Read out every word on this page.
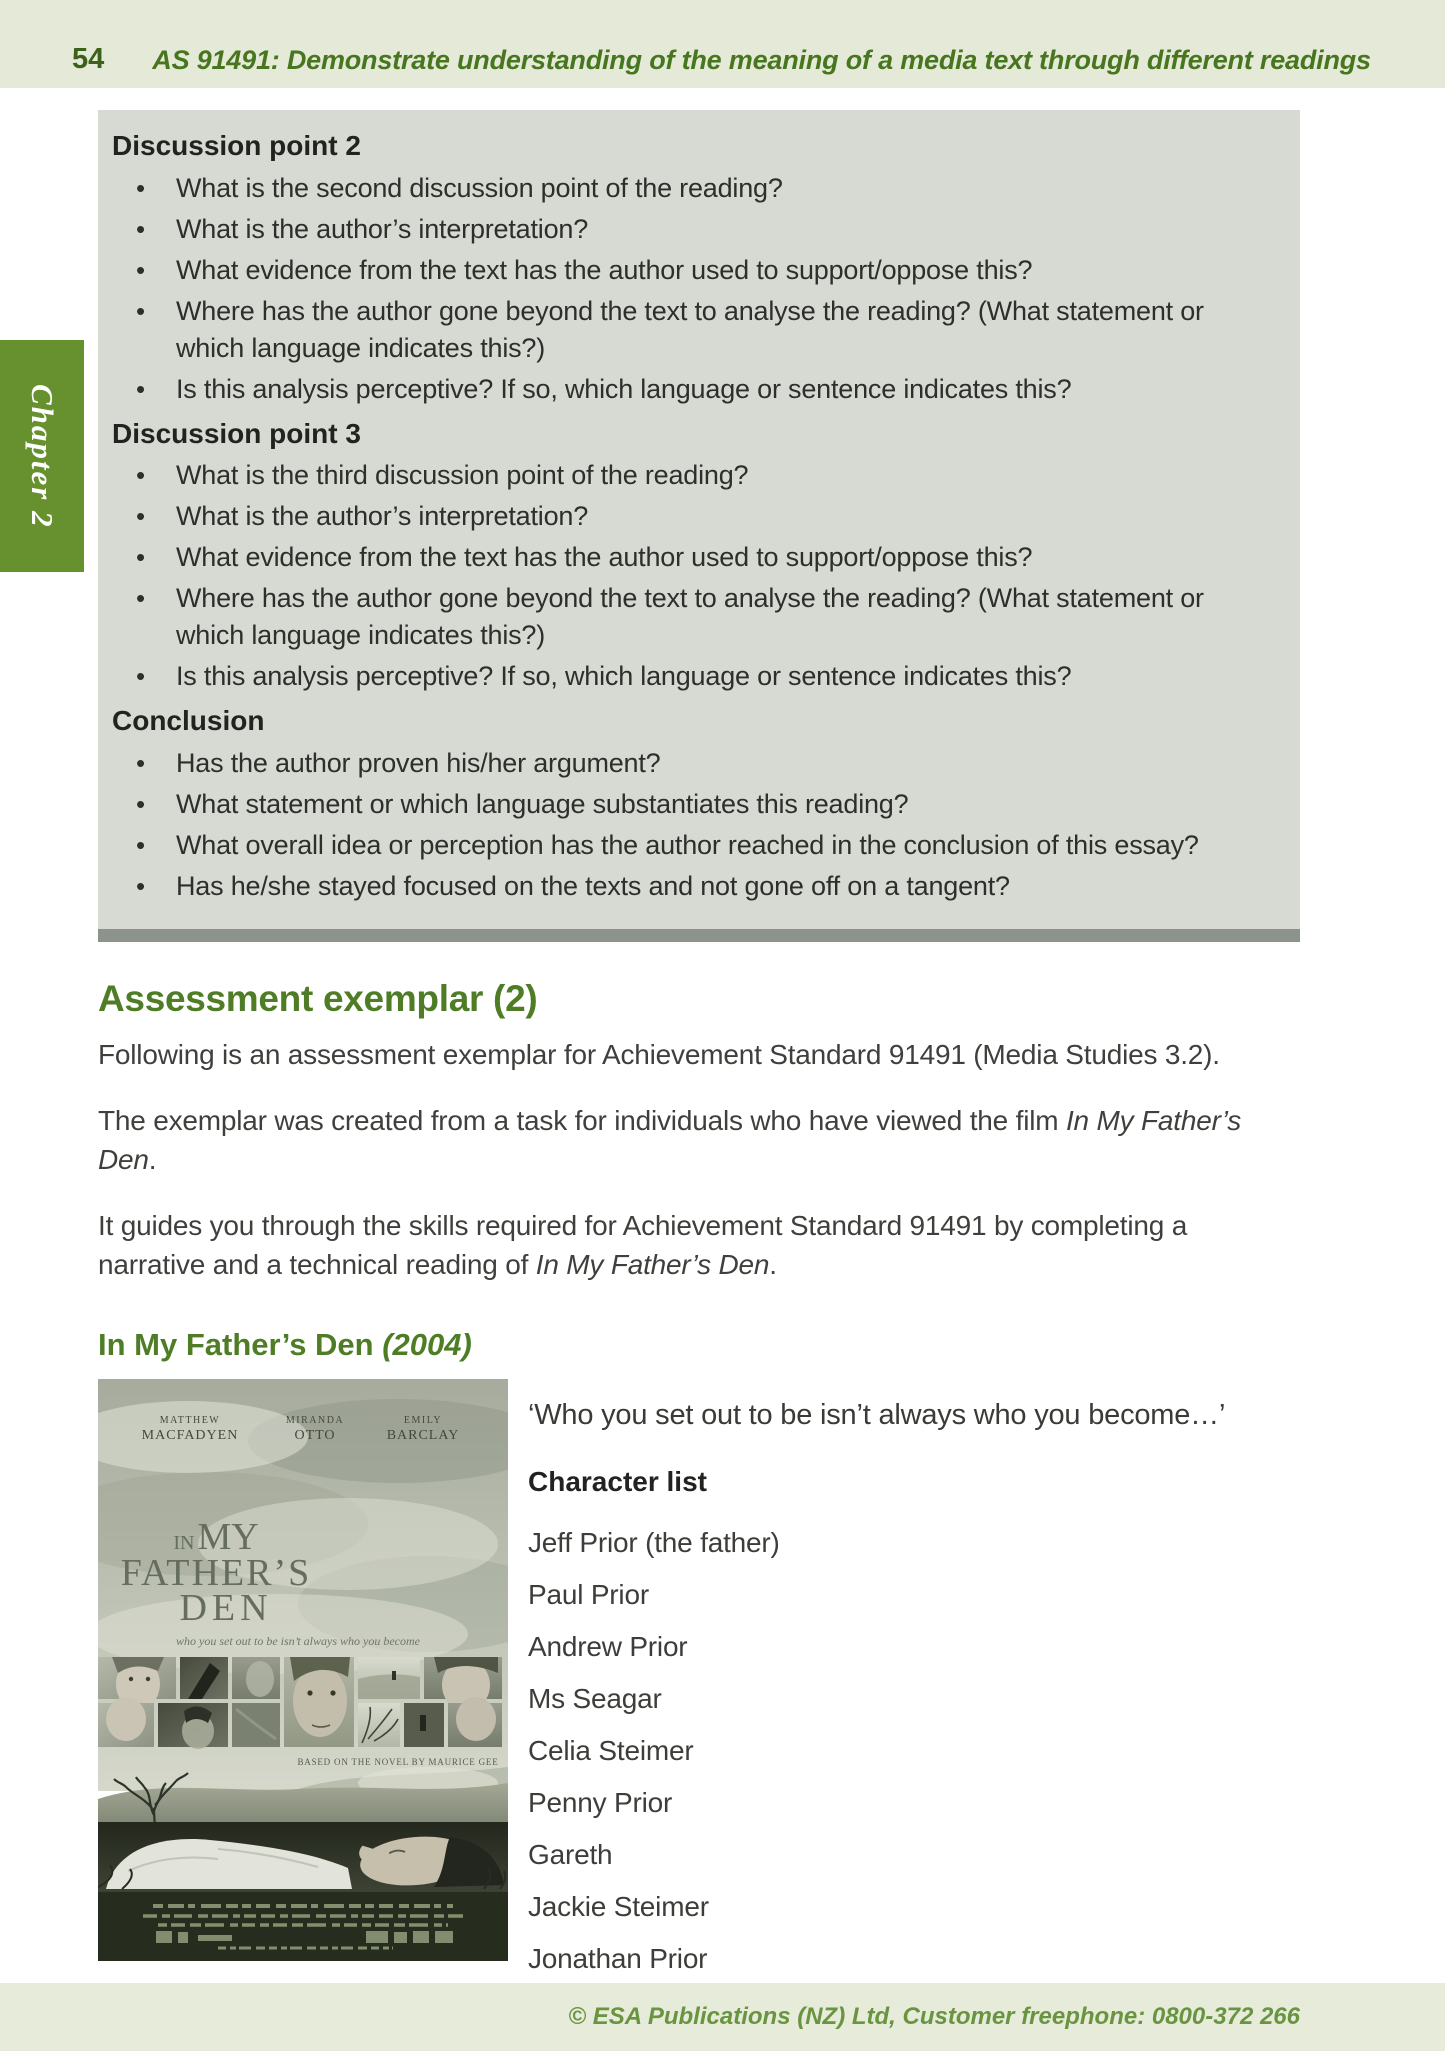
54 AS 91491: Demonstrate understanding of the meaning of a media text through different readings
Chapter 2
Discussion point 2
• What is the second discussion point of the reading?
• What is the author’s interpretation?
• What evidence from the text has the author used to support/oppose this?
• Where has the author gone beyond the text to analyse the reading? (What statement or which language indicates this?)
• Is this analysis perceptive? If so, which language or sentence indicates this?
Discussion point 3
• What is the third discussion point of the reading?
• What is the author’s interpretation?
• What evidence from the text has the author used to support/oppose this?
• Where has the author gone beyond the text to analyse the reading? (What statement or which language indicates this?)
• Is this analysis perceptive? If so, which language or sentence indicates this?
Conclusion
• Has the author proven his/her argument?
• What statement or which language substantiates this reading?
• What overall idea or perception has the author reached in the conclusion of this essay?
• Has he/she stayed focused on the texts and not gone off on a tangent?
Assessment exemplar (2)

Following is an assessment exemplar for Achievement Standard 91491 (Media Studies 3.2).

The exemplar was created from a task for individuals who have viewed the film In My Father’s Den.

It guides you through the skills required for Achievement Standard 91491 by completing a narrative and a technical reading of In My Father’s Den.

In My Father’s Den (2004)
MATTHEW
MACFADYEN
MIRANDA
OTTO
EMILY
BARCLAY
INMY
FATHER’S
DEN
who you set out to be isn’t always who you become
BASED ON THE NOVEL BY MAURICE GEE

‘Who you set out to be isn’t always who you become…’

Character list
Jeff Prior (the father)
Paul Prior
Andrew Prior
Ms Seagar
Celia Steimer
Penny Prior
Gareth
Jackie Steimer
Jonathan Prior
© ESA Publications (NZ) Ltd, Customer freephone: 0800-372 266
